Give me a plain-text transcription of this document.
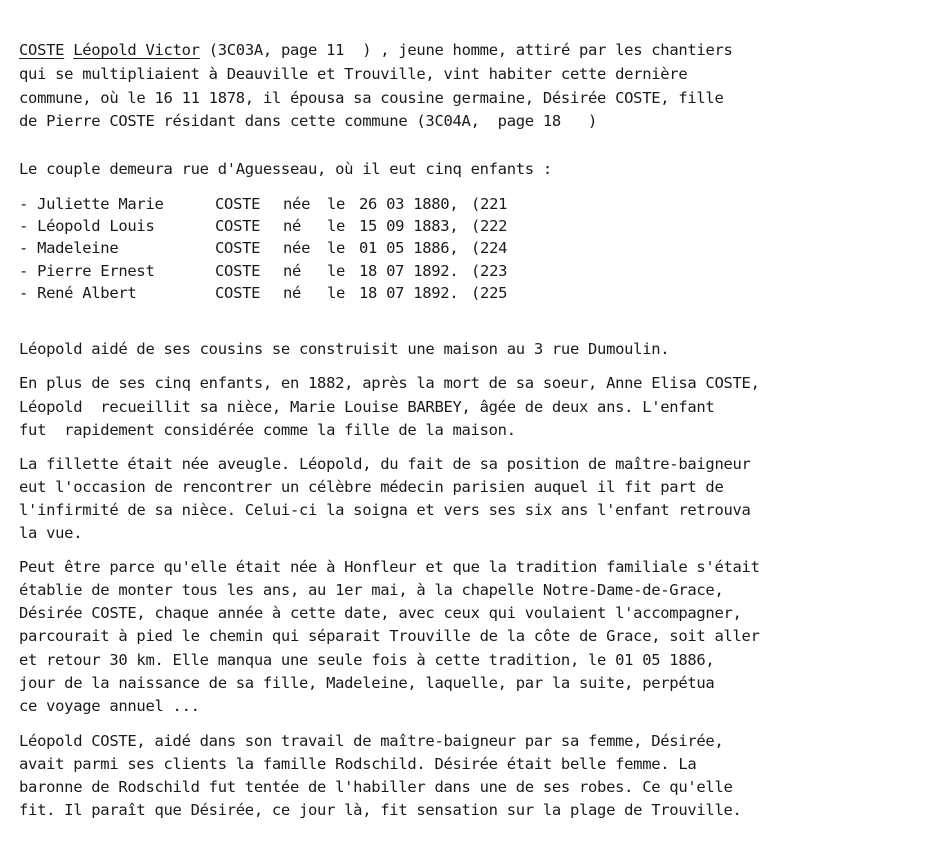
COSTE Léopold Victor (3C03A, page 11  ) , jeune homme, attiré par les chantiers
qui se multipliaient à Deauville et Trouville, vint habiter cette dernière
commune, où le 16 11 1878, il épousa sa cousine germaine, Désirée COSTE, fille
de Pierre COSTE résidant dans cette commune (3C04A,  page 18   )
Le couple demeura rue d'Aguesseau, où il eut cinq enfants :
- Juliette Marie	COSTE née le 26 03 1880, (221
- Léopold Louis	COSTE né le 15 09 1883, (222
- Madeleine	COSTE née le 01 05 1886, (224
- Pierre Ernest	COSTE né le 18 07 1892. (223
- René Albert	COSTE né le 18 07 1892. (225
Léopold aidé de ses cousins se construisit une maison au 3 rue Dumoulin.
En plus de ses cinq enfants, en 1882, après la mort de sa soeur, Anne Elisa COSTE,
Léopold  recueillit sa nièce, Marie Louise BARBEY, âgée de deux ans. L'enfant
fut  rapidement considérée comme la fille de la maison.
La fillette était née aveugle. Léopold, du fait de sa position de maître-baigneur
eut l'occasion de rencontrer un célèbre médecin parisien auquel il fit part de
l'infirmité de sa nièce. Celui-ci la soigna et vers ses six ans l'enfant retrouva
la vue.
Peut être parce qu'elle était née à Honfleur et que la tradition familiale s'était
établie de monter tous les ans, au 1er mai, à la chapelle Notre-Dame-de-Grace,
Désirée COSTE, chaque année à cette date, avec ceux qui voulaient l'accompagner,
parcourait à pied le chemin qui séparait Trouville de la côte de Grace, soit aller
et retour 30 km. Elle manqua une seule fois à cette tradition, le 01 05 1886,
jour de la naissance de sa fille, Madeleine, laquelle, par la suite, perpétua
ce voyage annuel ...
Léopold COSTE, aidé dans son travail de maître-baigneur par sa femme, Désirée,
avait parmi ses clients la famille Rodschild. Désirée était belle femme. La
baronne de Rodschild fut tentée de l'habiller dans une de ses robes. Ce qu'elle
fit. Il paraît que Désirée, ce jour là, fit sensation sur la plage de Trouville.
